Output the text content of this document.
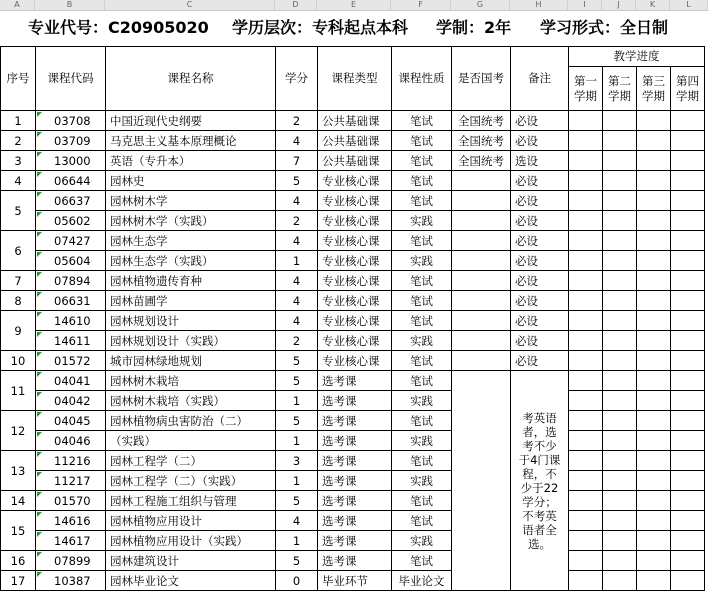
A	B	C	D	E	F	G	H	I	J	K	L
专业代号：C20905020 学历层次：专科起点本科 学制：2年 学习形式：全日制
序号	课程代码	课程名称	学分	课程类型	课程性质	是否国考	备注	教学进度			
								第一学期	第二学期	第三学期	第四学期
1	03708	中国近现代史纲要	2	公共基础课	笔试	全国统考	必设				
2	03709	马克思主义基本原理概论	4	公共基础课	笔试	全国统考	必设				
3	13000	英语（专升本）	7	公共基础课	笔试	全国统考	选设				
4	06644	园林史	5	专业核心课	笔试		必设				
5	06637	园林树木学	4	专业核心课	笔试		必设				
	05602	园林树木学（实践）	2	专业核心课	实践		必设				
6	07427	园林生态学	4	专业核心课	笔试		必设				
	05604	园林生态学（实践）	1	专业核心课	实践		必设				
7	07894	园林植物遗传育种	4	专业核心课	笔试		必设				
8	06631	园林苗圃学	4	专业核心课	笔试		必设				
9	14610	园林规划设计	4	专业核心课	笔试		必设				
	14611	园林规划设计（实践）	2	专业核心课	实践		必设				
10	01572	城市园林绿地规划	5	专业核心课	笔试		必设				
11	04041	园林树木栽培	5	选考课	笔试		考英语者，选考不少于4门课程，不少于22学分；不考英语者全选。				
	04042	园林树木栽培（实践）	1	选考课	实践						
12	04045	园林植物病虫害防治（二）	5	选考课	笔试						
	04046	（实践）	1	选考课	实践						
13	11216	园林工程学（二）	3	选考课	笔试						
	11217	园林工程学（二）（实践）	1	选考课	实践						
14	01570	园林工程施工组织与管理	5	选考课	笔试						
15	14616	园林植物应用设计	4	选考课	笔试						
	14617	园林植物应用设计（实践）	1	选考课	实践						
16	07899	园林建筑设计	5	选考课	笔试						
17	10387	园林毕业论文	0	毕业环节	毕业论文						
